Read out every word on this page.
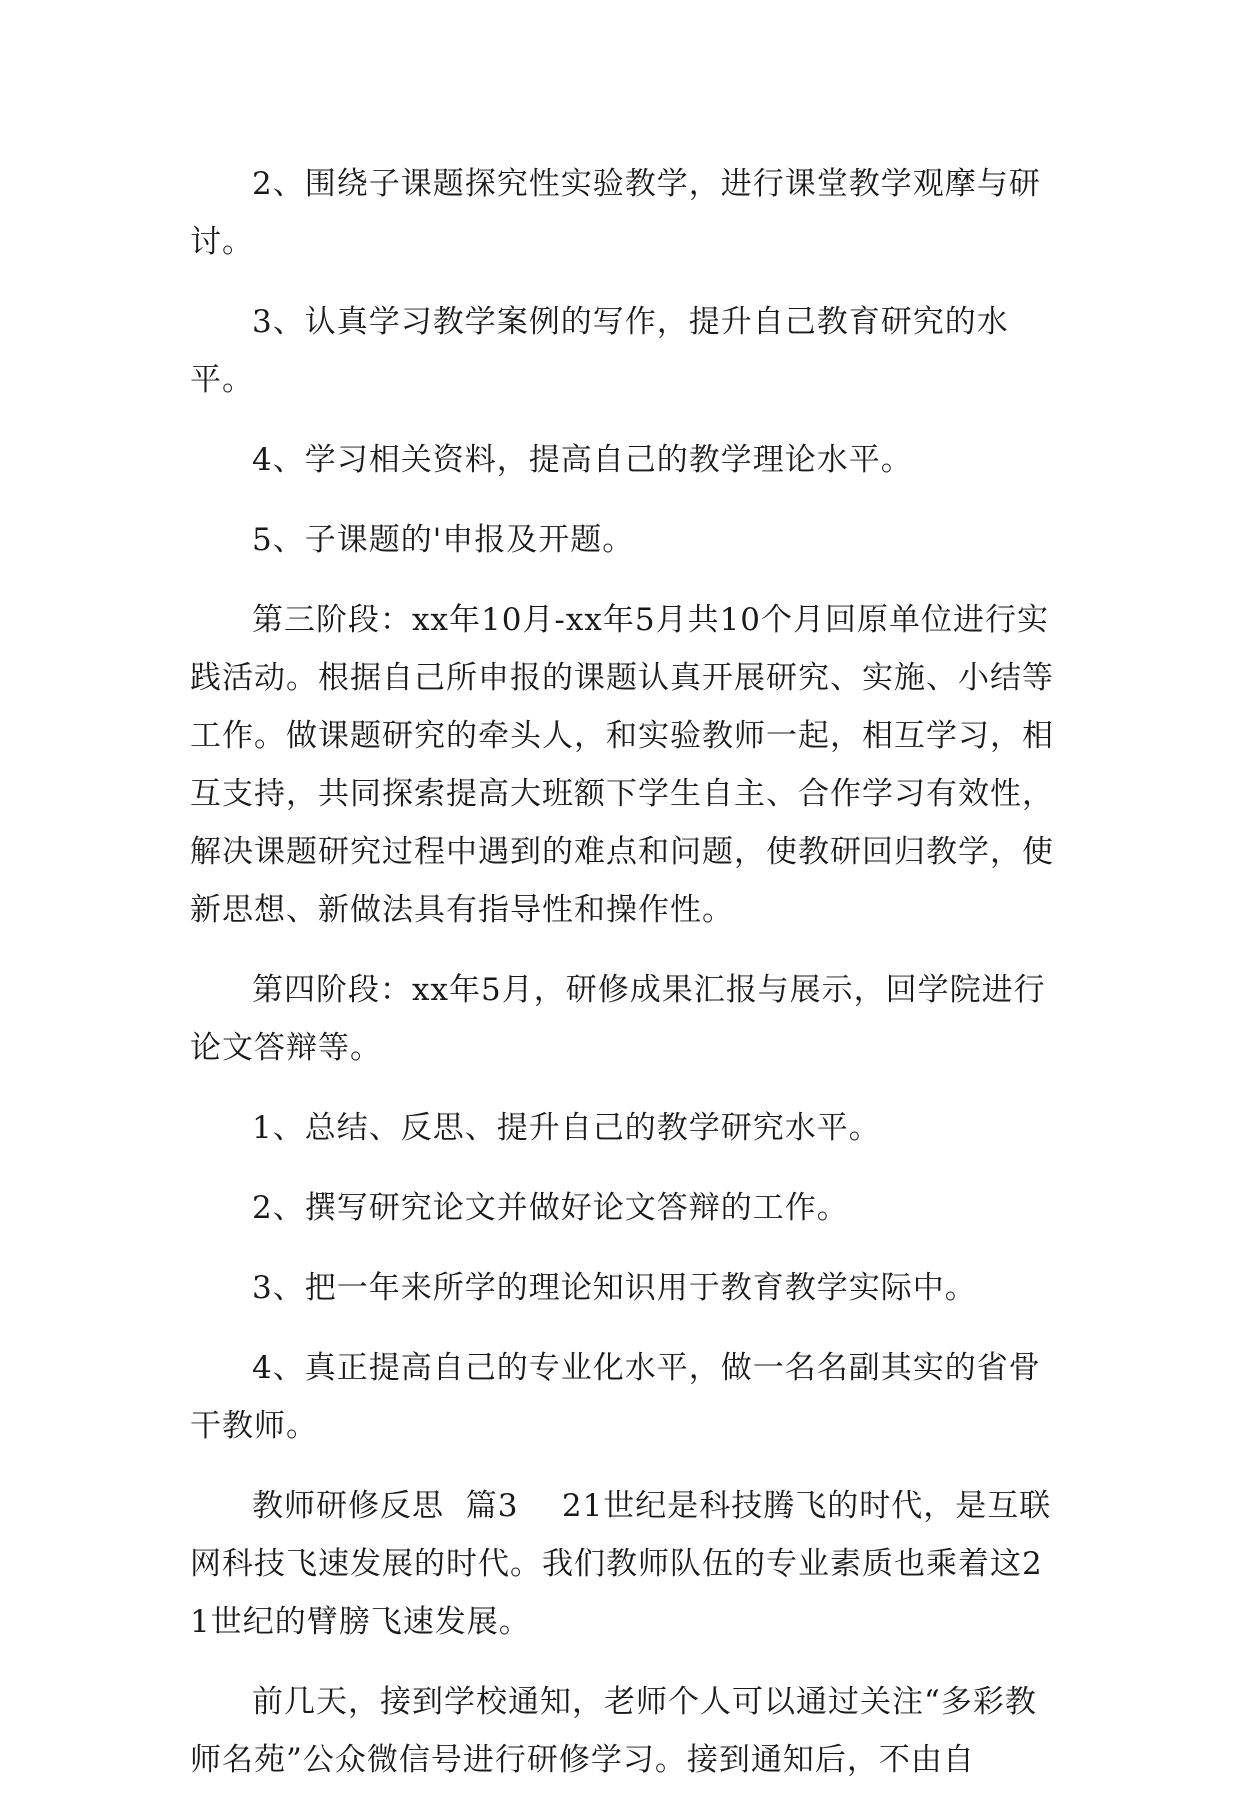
2、围绕子课题探究性实验教学，进行课堂教学观摩与研讨。

3、认真学习教学案例的写作，提升自己教育研究的水平。

4、学习相关资料，提高自己的教学理论水平。

5、子课题的'申报及开题。

第三阶段：xx年10月-xx年5月共10个月回原单位进行实践活动。根据自己所申报的课题认真开展研究、实施、小结等工作。做课题研究的牵头人，和实验教师一起，相互学习，相互支持，共同探索提高大班额下学生自主、合作学习有效性，解决课题研究过程中遇到的难点和问题，使教研回归教学，使新思想、新做法具有指导性和操作性。

第四阶段：xx年5月，研修成果汇报与展示，回学院进行论文答辩等。

1、总结、反思、提升自己的教学研究水平。

2、撰写研究论文并做好论文答辩的工作。

3、把一年来所学的理论知识用于教育教学实际中。

4、真正提高自己的专业化水平，做一名名副其实的省骨干教师。

教师研修反思  篇3    21世纪是科技腾飞的时代，是互联网科技飞速发展的时代。我们教师队伍的专业素质也乘着这21世纪的臂膀飞速发展。

前几天，接到学校通知，老师个人可以通过关注“多彩教师名苑”公众微信号进行研修学习。接到通知后，不由自
